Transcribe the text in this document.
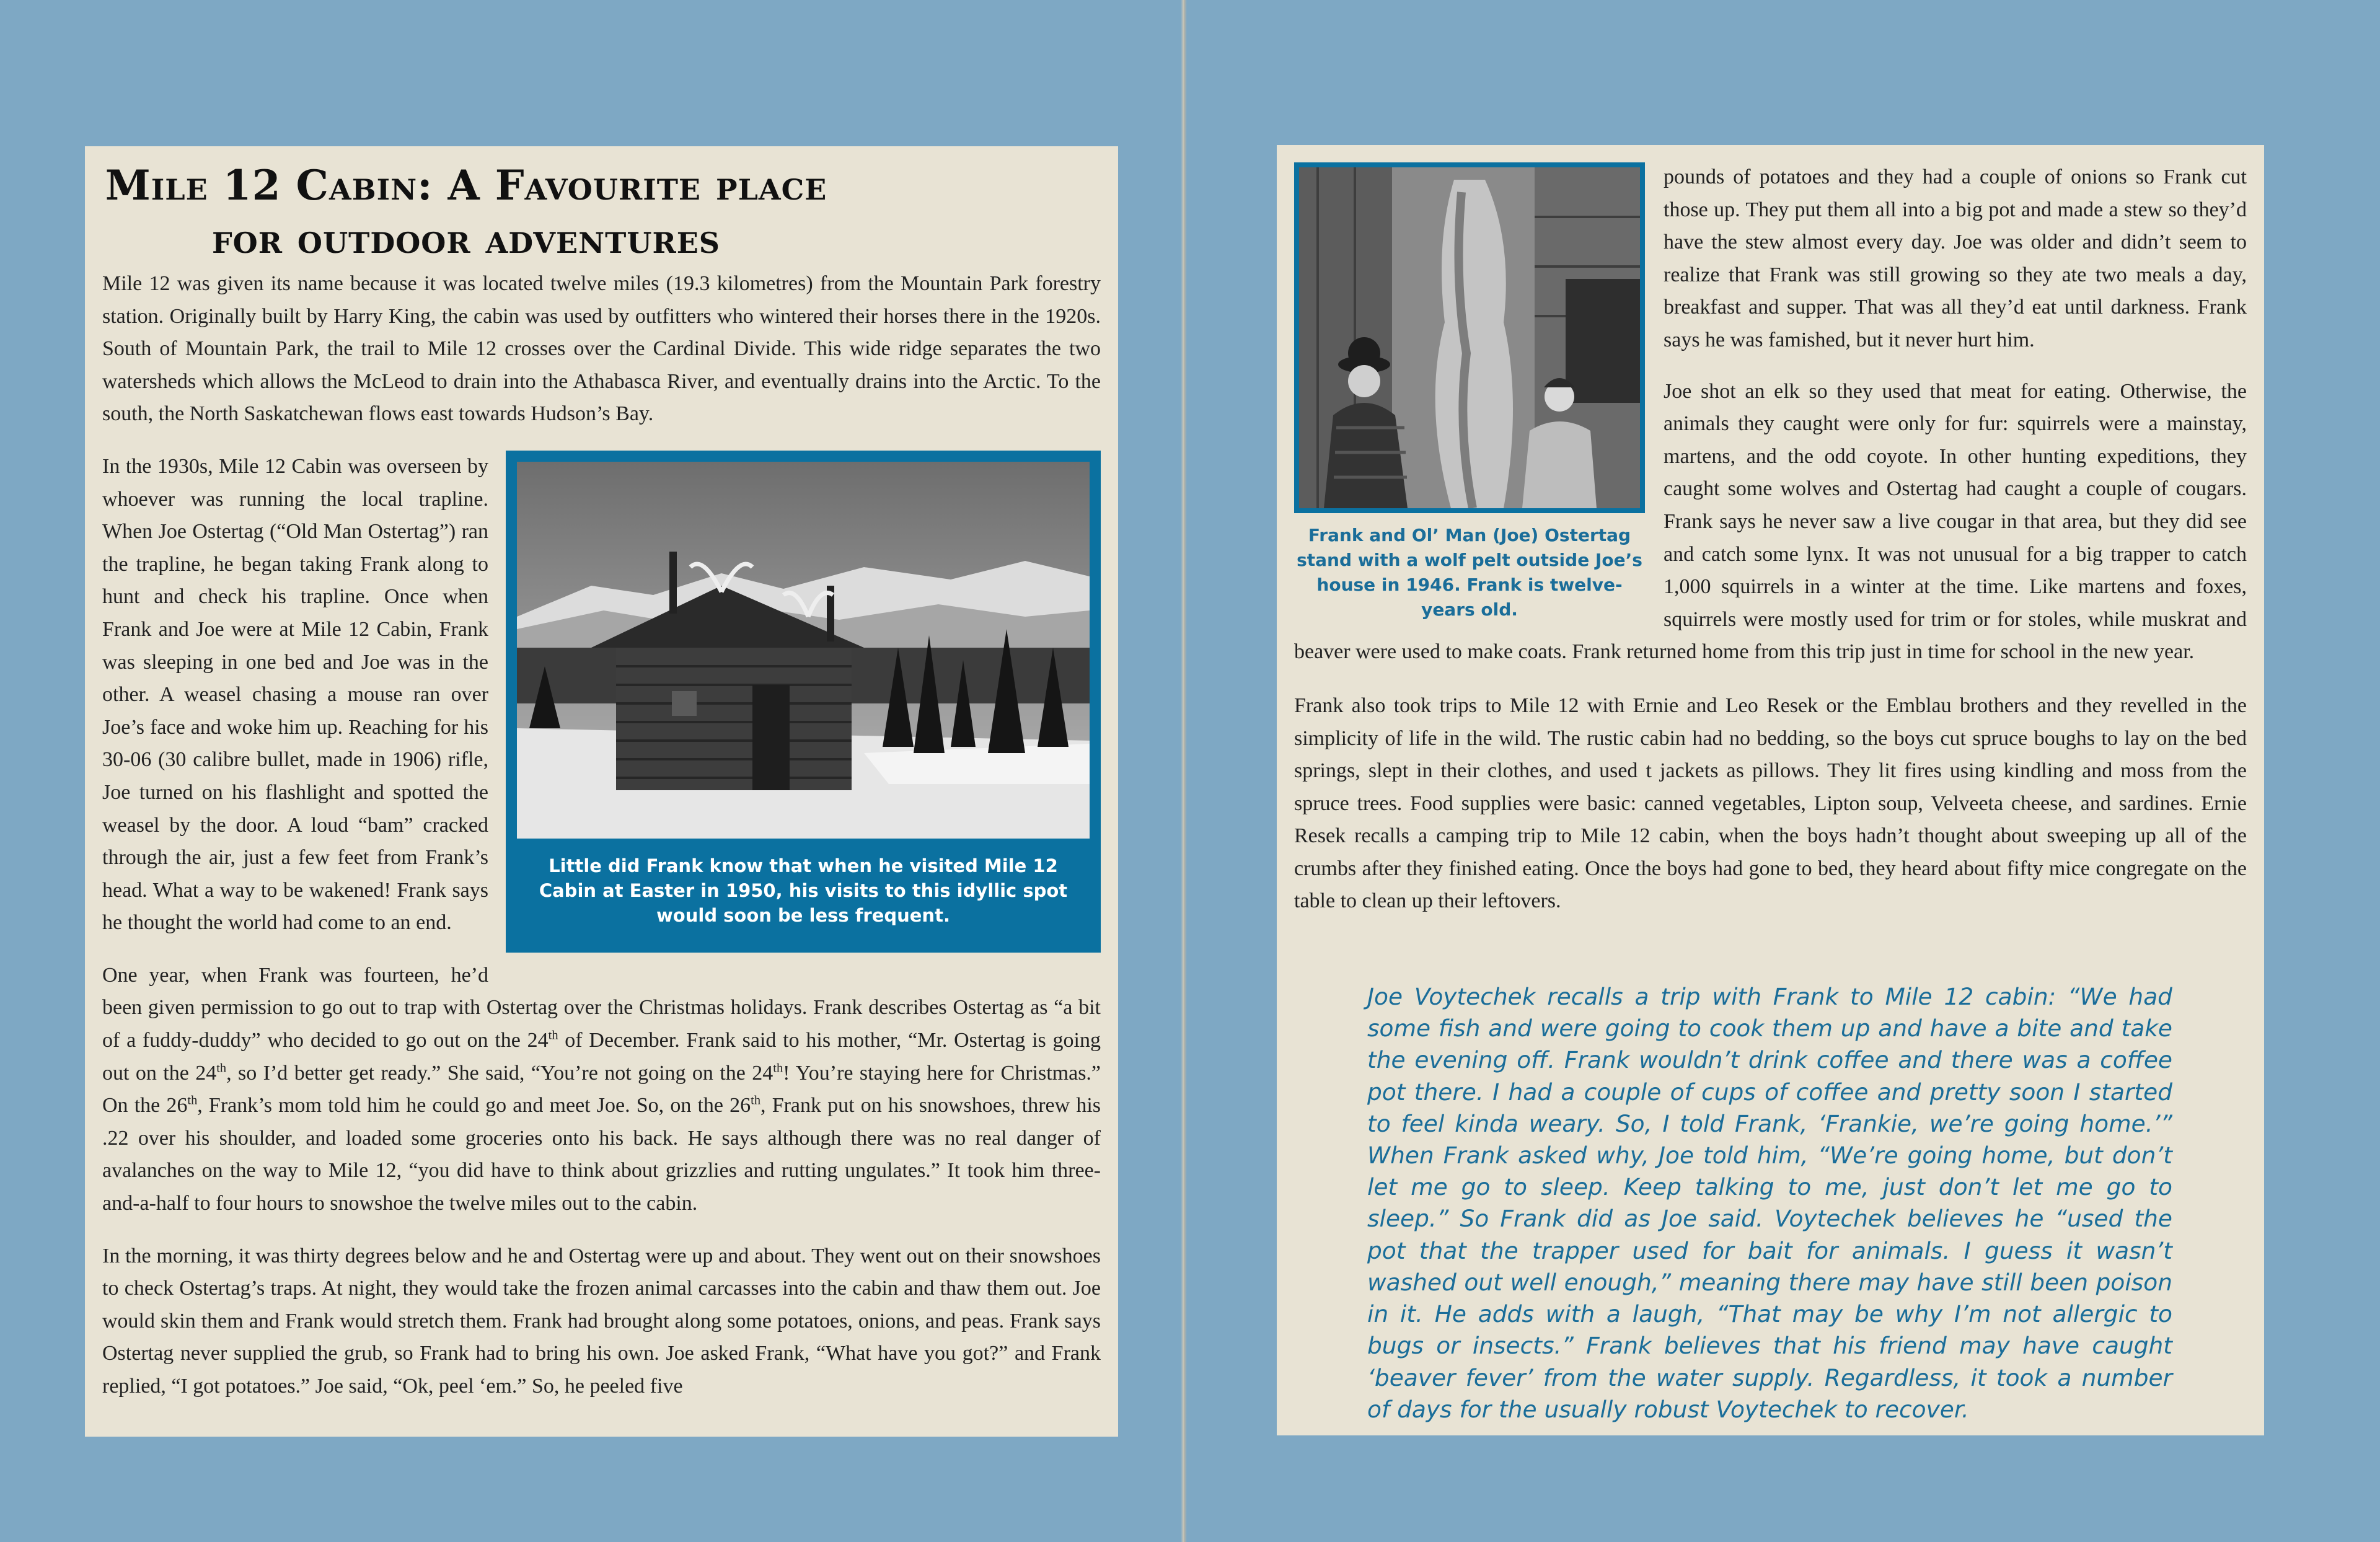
Mile 12 Cabin: A Favourite place
for outdoor adventures

Mile 12 was given its name because it was located twelve miles (19.3 kilometres) from the Mountain Park forestry station. Originally built by Harry King, the cabin was used by outfitters who wintered their horses there in the 1920s. South of Mountain Park, the trail to Mile 12 crosses over the Cardinal Divide. This wide ridge separates the two watersheds which allows the McLeod to drain into the Athabasca River, and eventually drains into the Arctic. To the south, the North Saskatchewan flows east towards Hudson’s Bay.

Little did Frank know that when he visited Mile 12 Cabin at Easter in 1950, his visits to this idyllic spot would soon be less frequent.

In the 1930s, Mile 12 Cabin was overseen by whoever was running the local trapline. When Joe Ostertag (“Old Man Ostertag”) ran the trapline, he began taking Frank along to hunt and check his trapline. Once when Frank and Joe were at Mile 12 Cabin, Frank was sleeping in one bed and Joe was in the other. A weasel chasing a mouse ran over Joe’s face and woke him up. Reaching for his 30-06 (30 calibre bullet, made in 1906) rifle, Joe turned on his flashlight and spotted the weasel by the door. A loud “bam” cracked through the air, just a few feet from Frank’s head. What a way to be wakened! Frank says he thought the world had come to an end.

One year, when Frank was fourteen, he’d been given permission to go out to trap with Ostertag over the Christmas holidays. Frank describes Ostertag as “a bit of a fuddy-duddy” who decided to go out on the 24th of December. Frank said to his mother, “Mr. Ostertag is going out on the 24th, so I’d better get ready.” She said, “You’re not going on the 24th! You’re staying here for Christmas.” On the 26th, Frank’s mom told him he could go and meet Joe. So, on the 26th, Frank put on his snowshoes, threw his .22 over his shoulder, and loaded some groceries onto his back. He says although there was no real danger of avalanches on the way to Mile 12, “you did have to think about grizzlies and rutting ungulates.” It took him three-and-a-half to four hours to snowshoe the twelve miles out to the cabin.

In the morning, it was thirty degrees below and he and Ostertag were up and about. They went out on their snowshoes to check Ostertag’s traps. At night, they would take the frozen animal carcasses into the cabin and thaw them out. Joe would skin them and Frank would stretch them. Frank had brought along some potatoes, onions, and peas. Frank says Ostertag never supplied the grub, so Frank had to bring his own. Joe asked Frank, “What have you got?” and Frank replied, “I got potatoes.” Joe said, “Ok, peel ‘em.” So, he peeled five

Frank and Ol’ Man (Joe) Ostertag stand with a wolf pelt outside Joe’s house in 1946. Frank is twelve-years old.

pounds of potatoes and they had a couple of onions so Frank cut those up. They put them all into a big pot and made a stew so they’d have the stew almost every day. Joe was older and didn’t seem to realize that Frank was still growing so they ate two meals a day, breakfast and supper. That was all they’d eat until darkness. Frank says he was famished, but it never hurt him.

Joe shot an elk so they used that meat for eating. Otherwise, the animals they caught were only for fur: squirrels were a mainstay, martens, and the odd coyote. In other hunting expeditions, they caught some wolves and Ostertag had caught a couple of cougars. Frank says he never saw a live cougar in that area, but they did see and catch some lynx. It was not unusual for a big trapper to catch 1,000 squirrels in a winter at the time. Like martens and foxes, squirrels were mostly used for trim or for stoles, while muskrat and beaver were used to make coats. Frank returned home from this trip just in time for school in the new year.

Frank also took trips to Mile 12 with Ernie and Leo Resek or the Emblau brothers and they revelled in the simplicity of life in the wild. The rustic cabin had no bedding, so the boys cut spruce boughs to lay on the bed springs, slept in their clothes, and used t jackets as pillows. They lit fires using kindling and moss from the spruce trees. Food supplies were basic: canned vegetables, Lipton soup, Velveeta cheese, and sardines. Ernie Resek recalls a camping trip to Mile 12 cabin, when the boys hadn’t thought about sweeping up all of the crumbs after they finished eating. Once the boys had gone to bed, they heard about fifty mice congregate on the table to clean up their leftovers.

Joe Voytechek recalls a trip with Frank to Mile 12 cabin: “We had some fish and were going to cook them up and have a bite and take the evening off. Frank wouldn’t drink coffee and there was a coffee pot there. I had a couple of cups of coffee and pretty soon I started to feel kinda weary. So, I told Frank, ‘Frankie, we’re going home.’” When Frank asked why, Joe told him, “We’re going home, but don’t let me go to sleep. Keep talking to me, just don’t let me go to sleep.” So Frank did as Joe said. Voytechek believes he “used the pot that the trapper used for bait for animals. I guess it wasn’t washed out well enough,” meaning there may have still been poison in it. He adds with a laugh, “That may be why I’m not allergic to bugs or insects.” Frank believes that his friend may have caught ‘beaver fever’ from the water supply. Regardless, it took a number of days for the usually robust Voytechek to recover.
